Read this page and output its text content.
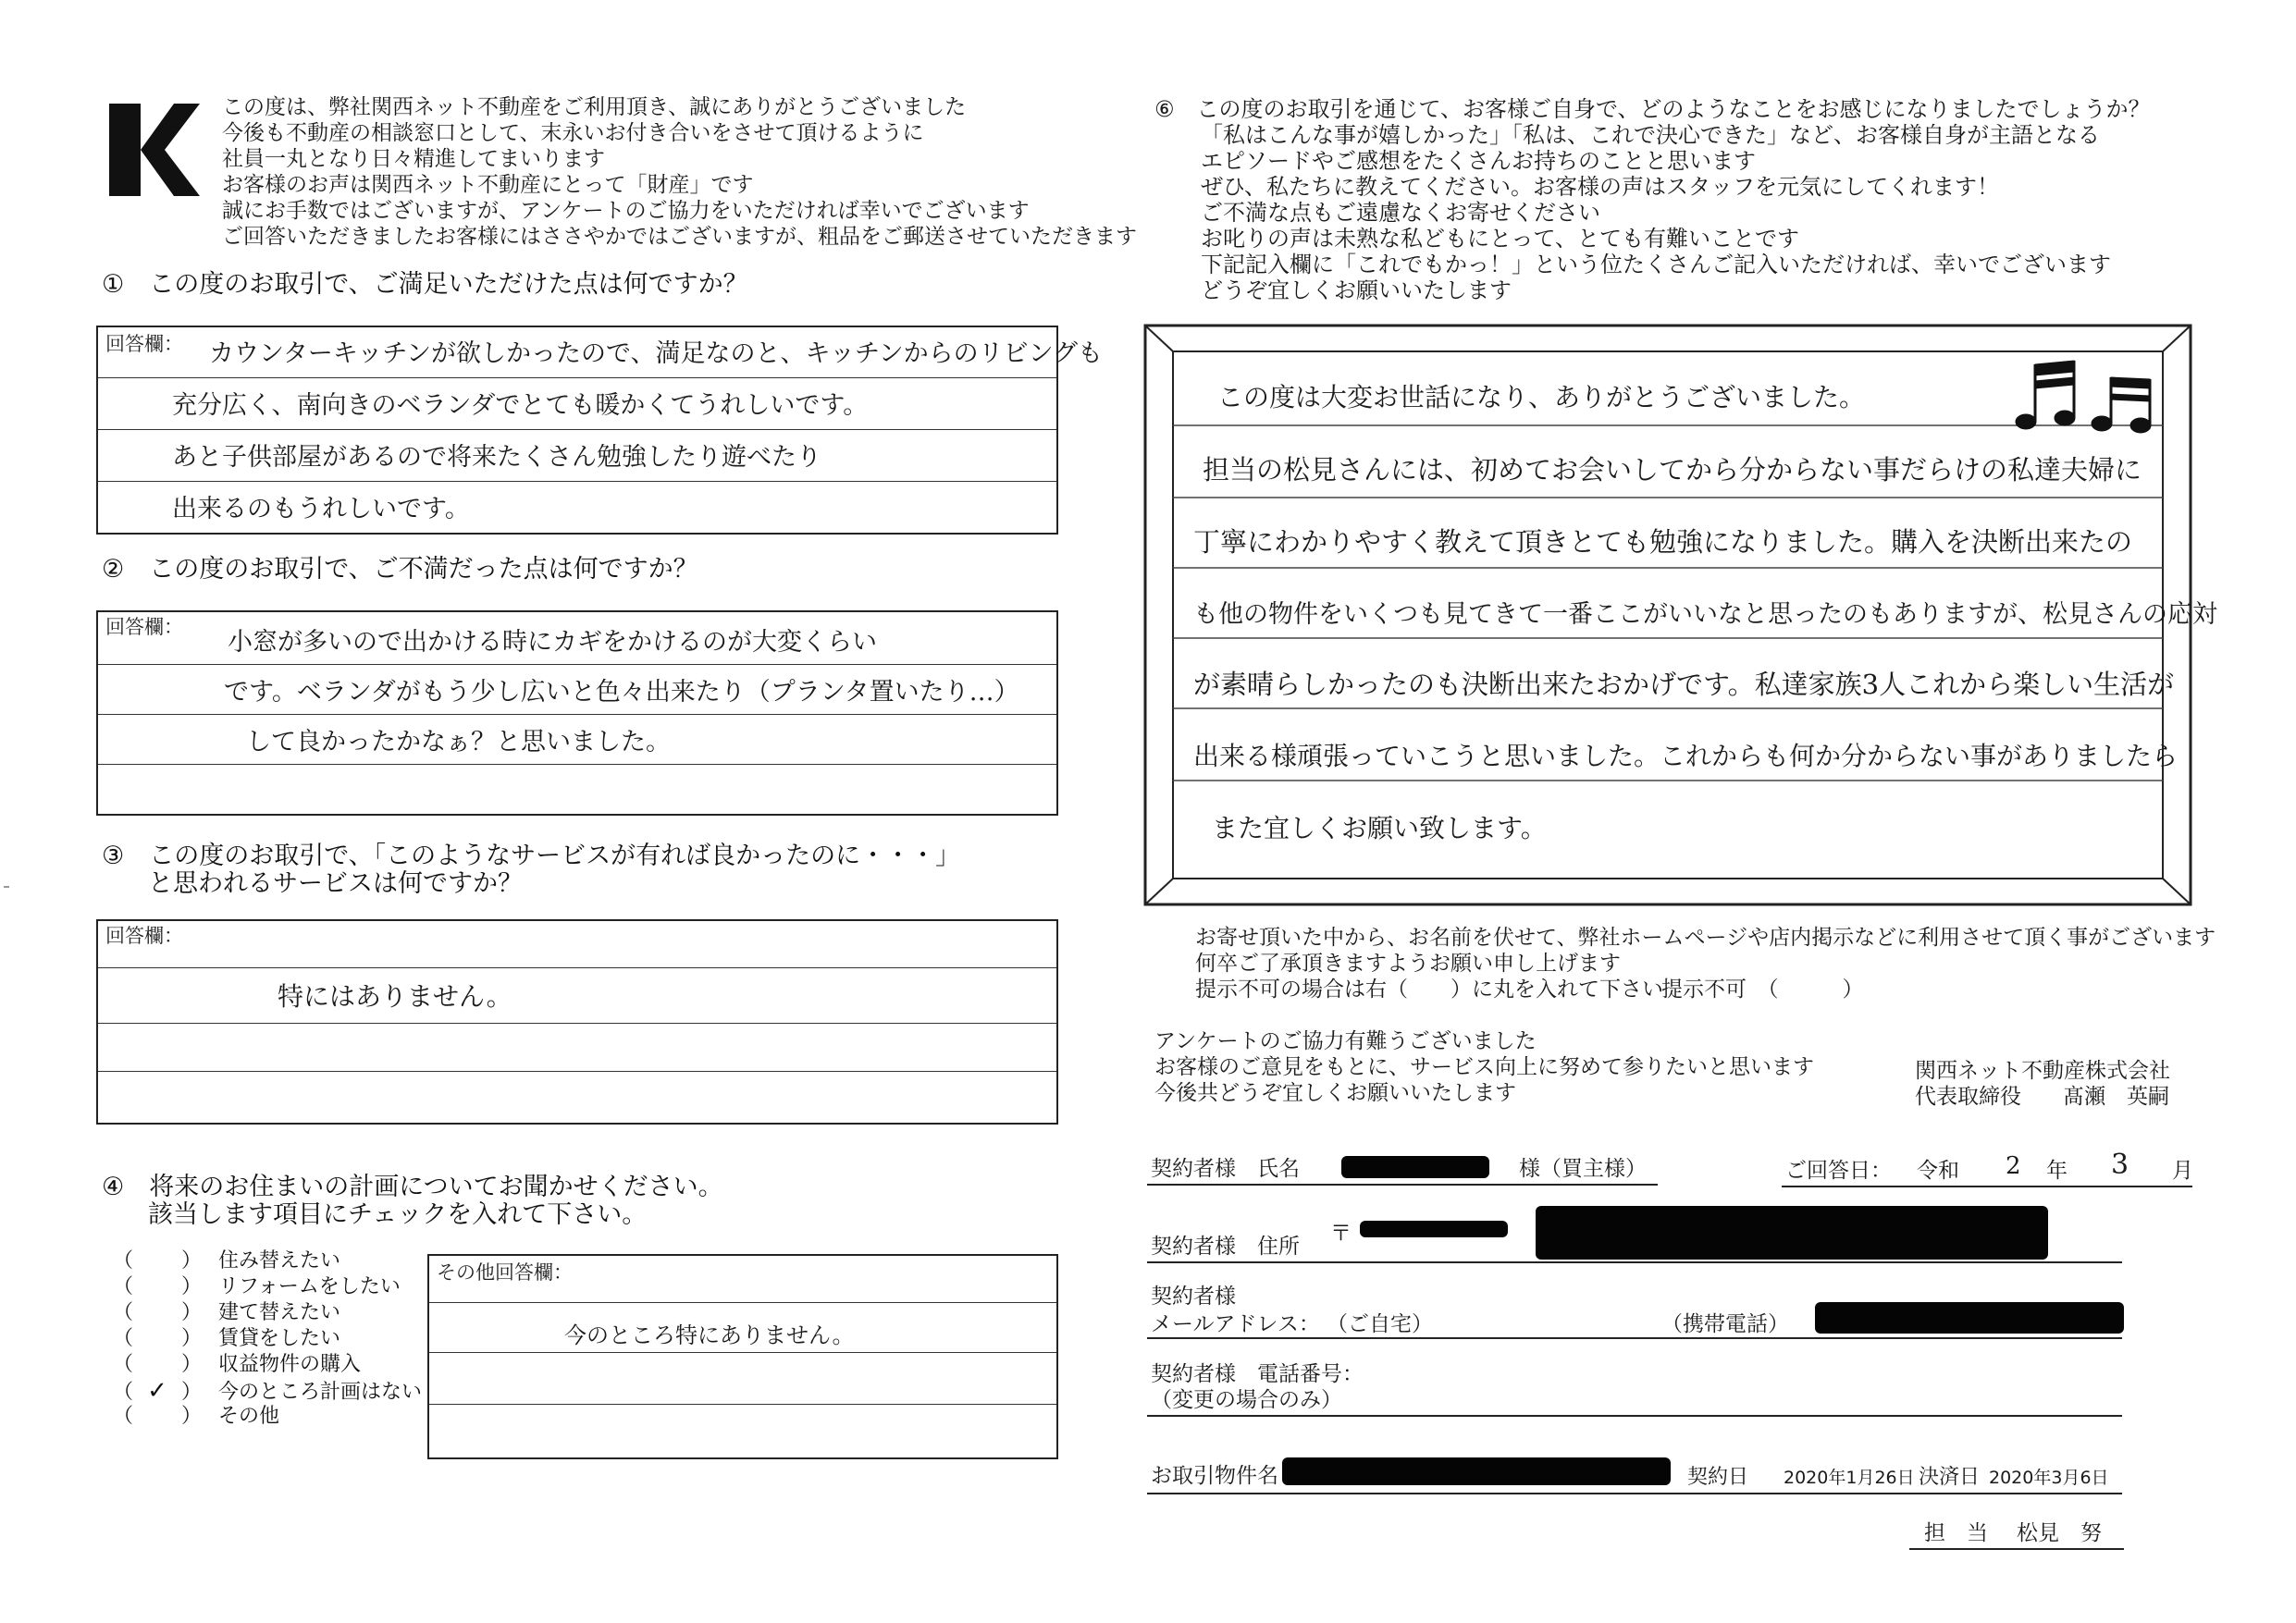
この度は、弊社関西ネット不動産をご利用頂き、誠にありがとうございました
今後も不動産の相談窓口として、末永いお付き合いをさせて頂けるように
社員一丸となり日々精進してまいります
お客様のお声は関西ネット不動産にとって「財産」です
誠にお手数ではございますが、アンケートのご協力をいただければ幸いでございます
ご回答いただきましたお客様にはささやかではございますが、粗品をご郵送させていただきます
①　この度のお取引で、ご満足いただけた点は何ですか？
回答欄： カウンターキッチンが欲しかったので、満足なのと、キッチンからのリビングも
充分広く、南向きのベランダでとても暖かくてうれしいです。
あと子供部屋があるので将来たくさん勉強したり遊べたり
出来るのもうれしいです。
②　この度のお取引で、ご不満だった点は何ですか？
回答欄：
小窓が多いので出かける時にカギをかけるのが大変くらい
です。ベランダがもう少し広いと色々出来たり（プランタ置いたり…）
して良かったかなぁ？と思いました。
③　この度のお取引で、「このようなサービスが有れば良かったのに・・・」
と思われるサービスは何ですか？
回答欄：
特にはありません。
④　将来のお住まいの計画についてお聞かせください。
該当します項目にチェックを入れて下さい。
（ ） 住み替えたい
（ ） リフォームをしたい
（ ） 建て替えたい
（ ） 賃貸をしたい
（ ） 収益物件の購入
（ ✓ ） 今のところ計画はない
（ ） その他
その他回答欄：
今のところ特にありません。
⑥　この度のお取引を通じて、お客様ご自身で、どのようなことをお感じになりましたでしょうか？
「私はこんな事が嬉しかった」「私は、これで決心できた」など、お客様自身が主語となる
エピソードやご感想をたくさんお持ちのことと思います
ぜひ、私たちに教えてください。お客様の声はスタッフを元気にしてくれます！
ご不満な点もご遠慮なくお寄せください
お叱りの声は未熟な私どもにとって、とても有難いことです
下記記入欄に「これでもかっ！」という位たくさんご記入いただければ、幸いでございます
どうぞ宜しくお願いいたします
この度は大変お世話になり、ありがとうございました。
担当の松見さんには、初めてお会いしてから分からない事だらけの私達夫婦に
丁寧にわかりやすく教えて頂きとても勉強になりました。購入を決断出来たの
も他の物件をいくつも見てきて一番ここがいいなと思ったのもありますが、松見さんの応対
が素晴らしかったのも決断出来たおかげです。私達家族3人これから楽しい生活が
出来る様頑張っていこうと思いました。これからも何か分からない事がありましたら
また宜しくお願い致します。
お寄せ頂いた中から、お名前を伏せて、弊社ホームページや店内掲示などに利用させて頂く事がございます
何卒ご了承頂きますようお願い申し上げます
提示不可の場合は右（　　）に丸を入れて下さい
提示不可　（　　　）
アンケートのご協力有難うございました
お客様のご意見をもとに、サービス向上に努めて参りたいと思います
今後共どうぞ宜しくお願いいたします
関西ネット不動産株式会社
代表取締役 髙瀬　英嗣
契約者様　氏名	様（買主様）	ご回答日： 令和 2 年 3 月
契約者様　住所
〒
契約者様
メールアドレス： （ご自宅）	（携帯電話）
契約者様　電話番号：
（変更の場合のみ）
お取引物件名	契約日 2020年1月26日 決済日 2020年3月6日
担　当 松見　努
